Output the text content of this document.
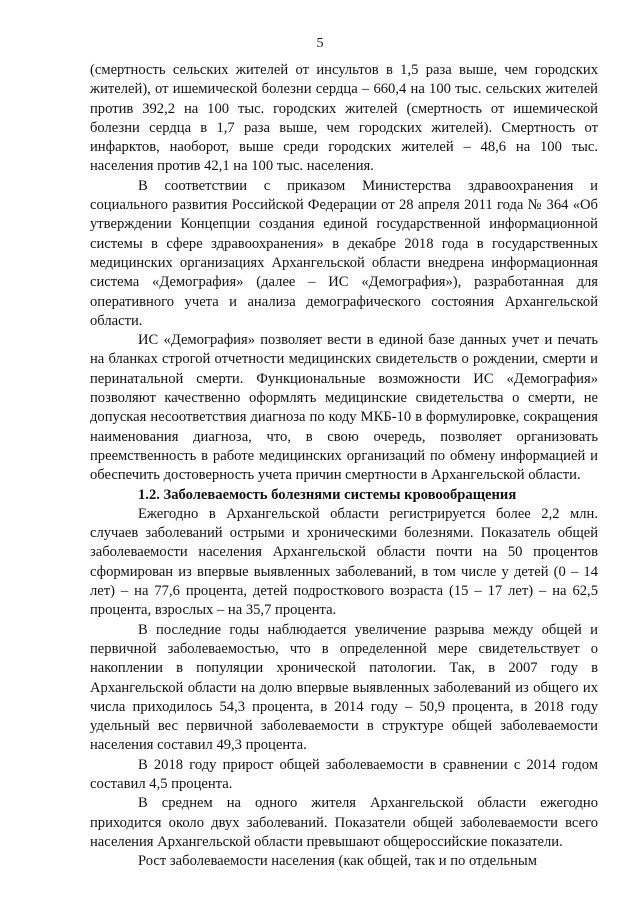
5

(смертность сельских жителей от инсультов в 1,5 раза выше, чем городских жителей), от ишемической болезни сердца – 660,4 на 100 тыс. сельских жителей против 392,2 на 100 тыс. городских жителей (смертность от ишемической болезни сердца в 1,7 раза выше, чем городских жителей). Смертность от инфарктов, наоборот, выше среди городских жителей – 48,6 на 100 тыс. населения против 42,1 на 100 тыс. населения.

В соответствии с приказом Министерства здравоохранения и социального развития Российской Федерации от 28 апреля 2011 года № 364 «Об утверждении Концепции создания единой государственной информационной системы в сфере здравоохранения» в декабре 2018 года в государственных медицинских организациях Архангельской области внедрена информационная система «Демография» (далее – ИС «Демография»), разработанная для оперативного учета и анализа демографического состояния Архангельской области.

ИС «Демография» позволяет вести в единой базе данных учет и печать на бланках строгой отчетности медицинских свидетельств о рождении, смерти и перинатальной смерти. Функциональные возможности ИС «Демография» позволяют качественно оформлять медицинские свидетельства о смерти, не допуская несоответствия диагноза по коду МКБ-10 в формулировке, сокращения наименования диагноза, что, в свою очередь, позволяет организовать преемственность в работе медицинских организаций по обмену информацией и обеспечить достоверность учета причин смертности в Архангельской области.

1.2. Заболеваемость болезнями системы кровообращения

Ежегодно в Архангельской области регистрируется более 2,2 млн. случаев заболеваний острыми и хроническими болезнями. Показатель общей заболеваемости населения Архангельской области почти на 50 процентов сформирован из впервые выявленных заболеваний, в том числе у детей (0 – 14 лет) – на 77,6 процента, детей подросткового возраста (15 – 17 лет) – на 62,5 процента, взрослых – на 35,7 процента.

В последние годы наблюдается увеличение разрыва между общей и первичной заболеваемостью, что в определенной мере свидетельствует о накоплении в популяции хронической патологии. Так, в 2007 году в Архангельской области на долю впервые выявленных заболеваний из общего их числа приходилось 54,3 процента, в 2014 году – 50,9 процента, в 2018 году удельный вес первичной заболеваемости в структуре общей заболеваемости населения составил 49,3 процента.

В 2018 году прирост общей заболеваемости в сравнении с 2014 годом составил 4,5 процента.

В среднем на одного жителя Архангельской области ежегодно приходится около двух заболеваний. Показатели общей заболеваемости всего населения Архангельской области превышают общероссийские показатели.

Рост заболеваемости населения (как общей, так и по отдельным
